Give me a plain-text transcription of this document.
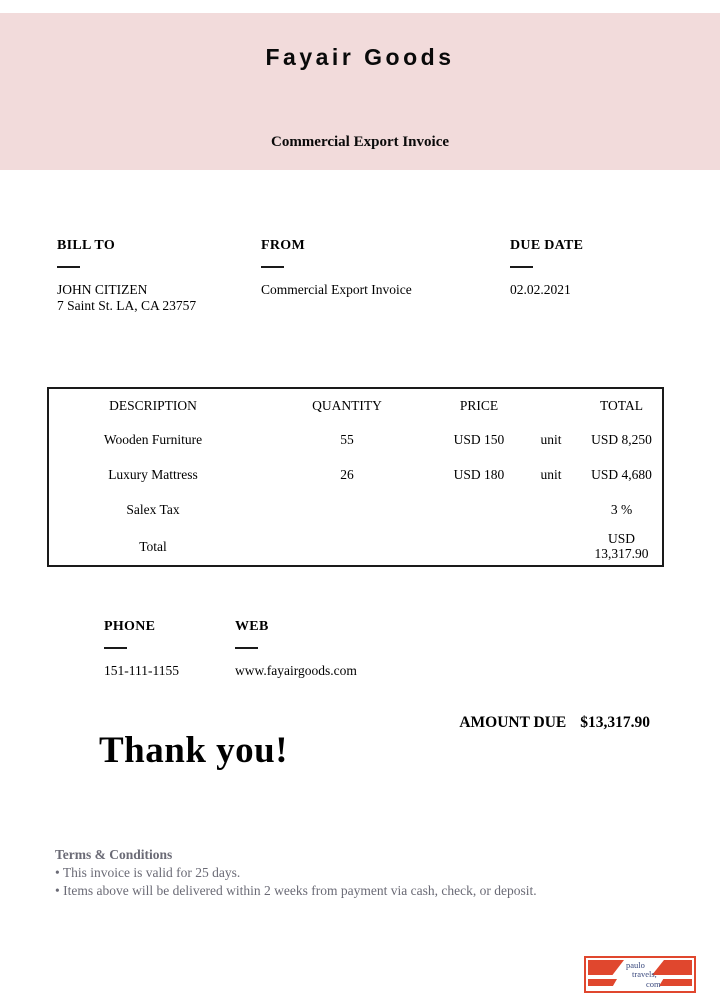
Fayair Goods
Commercial Export Invoice
BILL TO
JOHN CITIZEN
7 Saint St. LA, CA 23757
FROM
Commercial Export Invoice
DUE DATE
02.02.2021
DESCRIPTION	QUANTITY	PRICE	TOTAL
Wooden Furniture	55	USD 150	unit	USD 8,250
Luxury Mattress	26	USD 180	unit	USD 4,680
Salex Tax	3 %
Total	USD
13,317.90
PHONE
151-111-1155
WEB
www.fayairgoods.com
AMOUNT DUE $13,317.90
Thank you!
Terms & Conditions
• This invoice is valid for 25 days.
• Items above will be delivered within 2 weeks from payment via cash, check, or deposit.
paulo
travels,
com
